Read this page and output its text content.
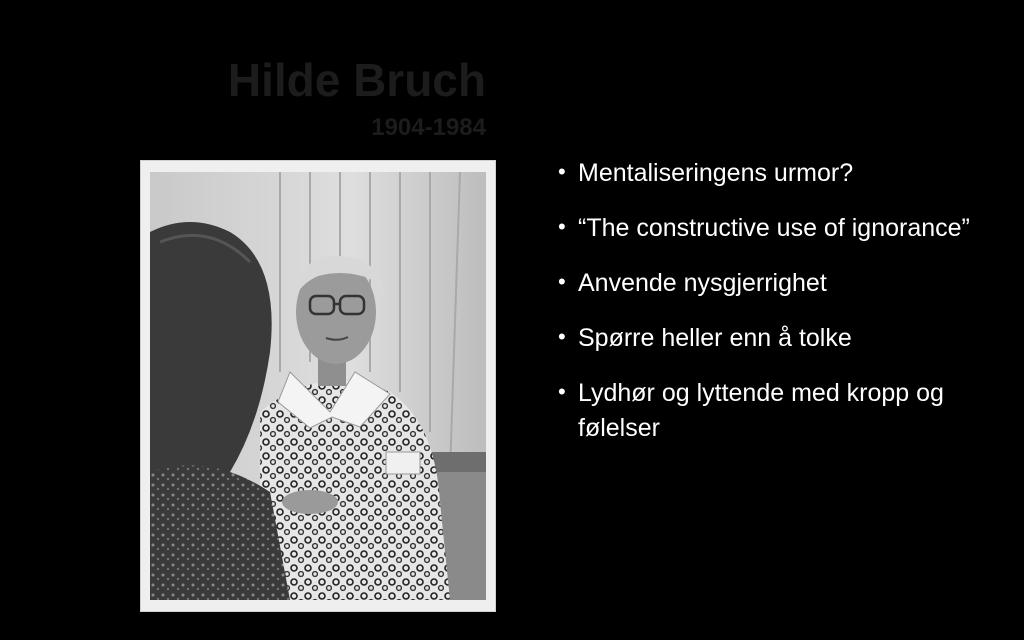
Hilde Bruch
1904-1984
• Mentaliseringens urmor?
• “The constructive use of ignorance”
• Anvende nysgjerrighet
• Spørre heller enn å tolke
• Lydhør og lyttende med kropp og følelser
